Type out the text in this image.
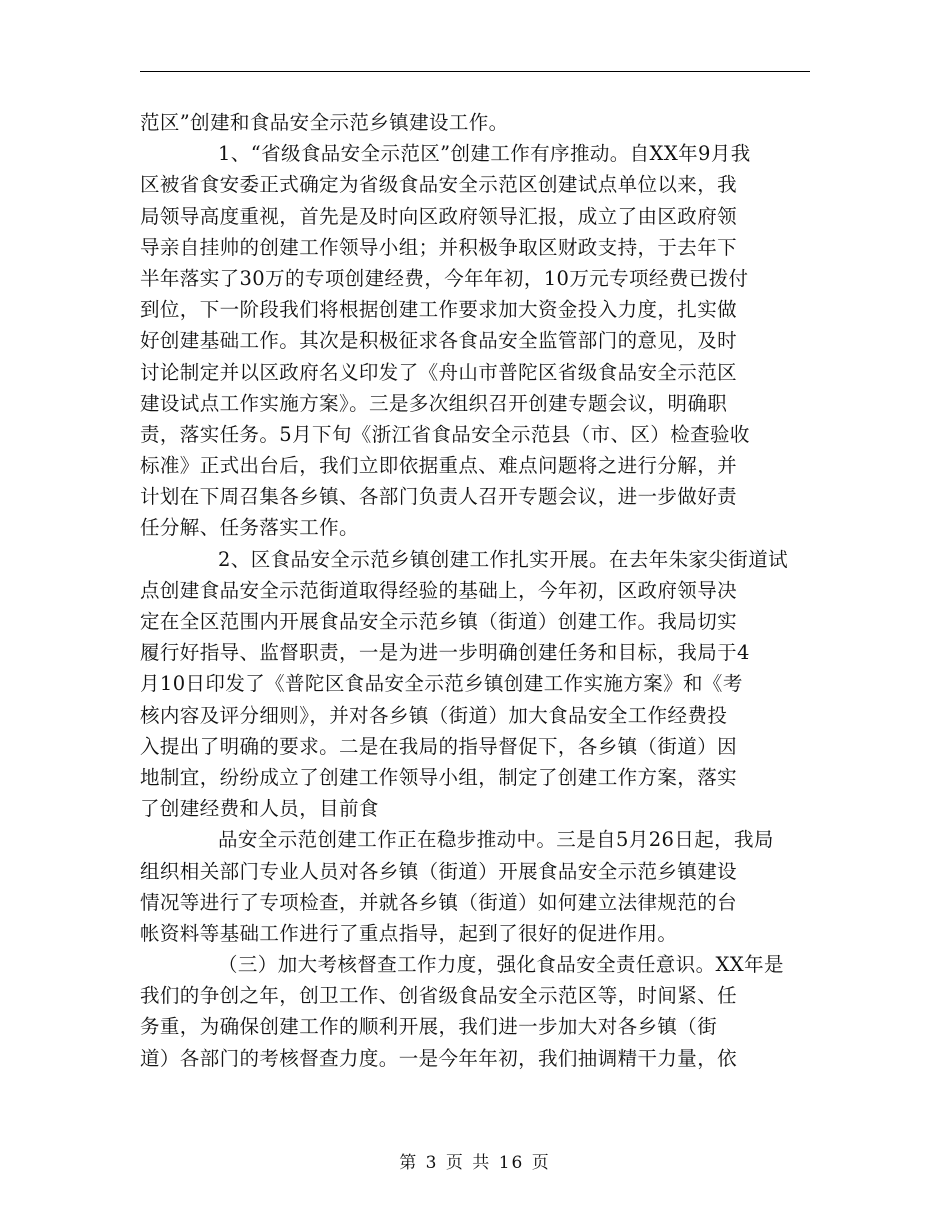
范区”创建和食品安全示范乡镇建设工作。
1、“省级食品安全示范区”创建工作有序推动。自XX年9月我
区被省食安委正式确定为省级食品安全示范区创建试点单位以来，我
局领导高度重视，首先是及时向区政府领导汇报，成立了由区政府领
导亲自挂帅的创建工作领导小组；并积极争取区财政支持，于去年下
半年落实了30万的专项创建经费，今年年初，10万元专项经费已拨付
到位，下一阶段我们将根据创建工作要求加大资金投入力度，扎实做
好创建基础工作。其次是积极征求各食品安全监管部门的意见，及时
讨论制定并以区政府名义印发了《舟山市普陀区省级食品安全示范区
建设试点工作实施方案》。三是多次组织召开创建专题会议，明确职
责，落实任务。5月下旬《浙江省食品安全示范县（市、区）检查验收
标准》正式出台后，我们立即依据重点、难点问题将之进行分解，并
计划在下周召集各乡镇、各部门负责人召开专题会议，进一步做好责
任分解、任务落实工作。
2、区食品安全示范乡镇创建工作扎实开展。在去年朱家尖街道试
点创建食品安全示范街道取得经验的基础上，今年初，区政府领导决
定在全区范围内开展食品安全示范乡镇（街道）创建工作。我局切实
履行好指导、监督职责，一是为进一步明确创建任务和目标，我局于4
月10日印发了《普陀区食品安全示范乡镇创建工作实施方案》和《考
核内容及评分细则》，并对各乡镇（街道）加大食品安全工作经费投
入提出了明确的要求。二是在我局的指导督促下，各乡镇（街道）因
地制宜，纷纷成立了创建工作领导小组，制定了创建工作方案，落实
了创建经费和人员，目前食
品安全示范创建工作正在稳步推动中。三是自5月26日起，我局
组织相关部门专业人员对各乡镇（街道）开展食品安全示范乡镇建设
情况等进行了专项检查，并就各乡镇（街道）如何建立法律规范的台
帐资料等基础工作进行了重点指导，起到了很好的促进作用。
（三）加大考核督查工作力度，强化食品安全责任意识。XX年是
我们的争创之年，创卫工作、创省级食品安全示范区等，时间紧、任
务重，为确保创建工作的顺利开展，我们进一步加大对各乡镇（街
道）各部门的考核督查力度。一是今年年初，我们抽调精干力量，依
第 3 页 共 16 页
